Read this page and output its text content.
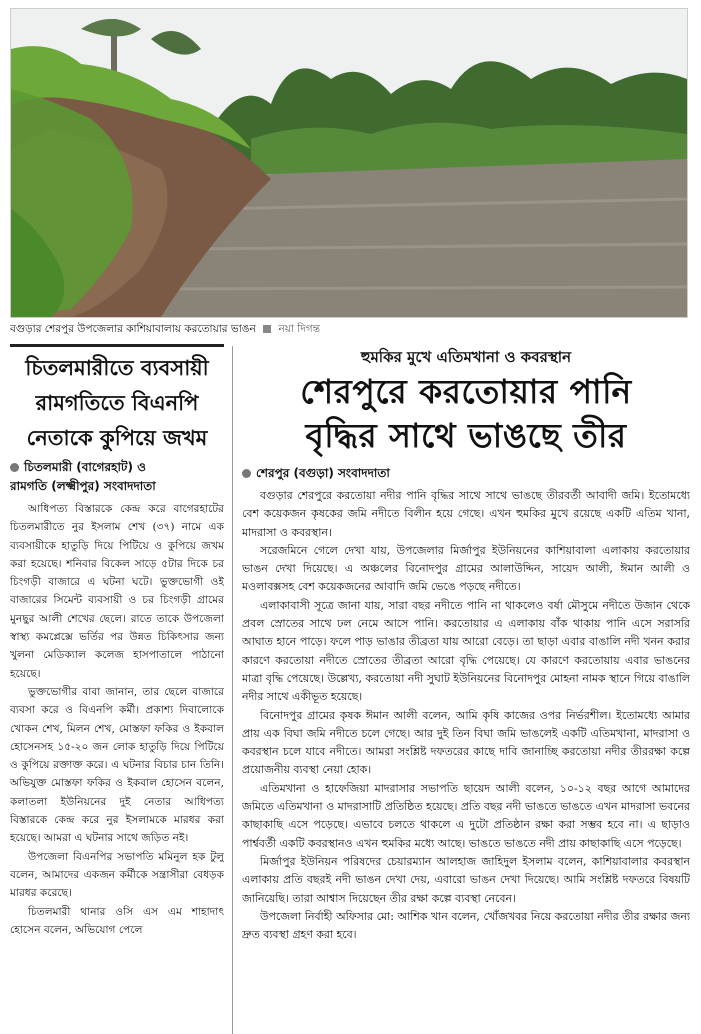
বগুড়ার শেরপুর উপজেলার কাশিয়াবালায় করতোয়ার ভাঙন নয়া দিগন্ত
চিতলমারীতে ব্যবসায়ী
রামগতিতে বিএনপি
নেতাকে কুপিয়ে জখম
চিতলমারী (বাগেরহাট) ও
রামগতি (লক্ষ্মীপুর) সংবাদদাতা

আধিপত্য বিস্তারকে কেন্দ্র করে বাগেরহাটের চিতলমারীতে নুর ইসলাম শেখ (৩৭) নামে এক ব্যবসায়ীকে হাতুড়ি দিয়ে পিটিয়ে ও কুপিয়ে জখম করা হয়েছে। শনিবার বিকেল সাড়ে ৫টার দিকে চর চিংগড়ী বাজারে এ ঘটনা ঘটে। ভুক্তভোগী ওই বাজারের সিমেন্ট ব্যবসায়ী ও চর চিংগড়ী গ্রামের মুনছুর আলী শেখের ছেলে। রাতে তাকে উপজেলা স্বাস্থ্য কমপ্লেক্সে ভর্তির পর উন্নত চিকিৎসার জন্য খুলনা মেডিক্যাল কলেজ হাসপাতালে পাঠানো হয়েছে।

ভুক্তভোগীর বাবা জানান, তার ছেলে বাজারে ব্যবসা করে ও বিএনপি কর্মী। প্রকাশ্য দিবালোকে খোকন শেখ, মিলন শেখ, মোস্তফা ফকির ও ইকবাল হোসেনসহ ১৫-২০ জন লোক হাতুড়ি দিয়ে পিটিয়ে ও কুপিয়ে রক্তাক্ত করে। এ ঘটনার বিচার চান তিনি। অভিযুক্ত মোস্তফা ফকির ও ইকবাল হোসেন বলেন, কলাতলা ইউনিয়নের দুই নেতার আধিপত্য বিস্তারকে কেন্দ্র করে নুর ইসলামকে মারধর করা হয়েছে। আমরা এ ঘটনার সাথে জড়িত নই।

উপজেলা বিএনপির সভাপতি মমিনুল হক টুলু বলেন, আমাদের একজন কর্মীকে সন্ত্রাসীরা বেধড়ক মারধর করেছে।

চিতলমারী থানার ওসি এস এম শাহাদাৎ হোসেন বলেন, অভিযোগ পেলে

হুমকির মুখে এতিমখানা ও কবরস্থান
শেরপুরে করতোয়ার পানি
বৃদ্ধির সাথে ভাঙছে তীর
শেরপুর (বগুড়া) সংবাদদাতা

বগুড়ার শেরপুরে করতোয়া নদীর পানি বৃদ্ধির সাথে সাথে ভাঙছে তীরবর্তী আবাদী জমি। ইতোমধ্যে বেশ কয়েকজন কৃষকের জমি নদীতে বিলীন হয়ে গেছে। এখন হুমকির মুখে রয়েছে একটি এতিম খানা, মাদরাসা ও কবরস্থান।

সরেজমিনে গেলে দেখা যায়, উপজেলার মির্জাপুর ইউনিয়নের কাশিয়াবালা এলাকায় করতোয়ার ভাঙন দেখা দিয়েছে। এ অঞ্চলের বিনোদপুর গ্রামের আলাউদ্দিন, সায়েদ আলী, ঈমান আলী ও মওলাবক্সসহ বেশ কয়েকজনের আবাদি জমি ভেঙে পড়ছে নদীতে।

এলাকাবাসী সূত্রে জানা যায়, সারা বছর নদীতে পানি না থাকলেও বর্ষা মৌসুমে নদীতে উজান থেকে প্রবল স্রোতের সাথে ঢল নেমে আসে পানি। করতোয়ার এ এলাকায় বাঁক থাকায় পানি এসে সরাসরি আঘাত হানে পাড়ে। ফলে পাড় ভাঙার তীব্রতা যায় আরো বেড়ে। তা ছাড়া এবার বাঙালি নদী খনন করার কারণে করতোয়া নদীতে স্রোতের তীব্রতা আরো বৃদ্ধি পেয়েছে। যে কারণে করতোয়ায় এবার ভাঙনের মাত্রা বৃদ্ধি পেয়েছে। উল্লেখ্য, করতোয়া নদী সুঘাট ইউনিয়নের বিনোদপুর মোহনা নামক স্থানে গিয়ে বাঙালি নদীর সাথে একীভূত হয়েছে।

বিনোদপুর গ্রামের কৃষক ঈমান আলী বলেন, আমি কৃষি কাজের ওপর নির্ভরশীল। ইতোমধ্যে আমার প্রায় এক বিঘা জমি নদীতে চলে গেছে। আর দুই তিন বিঘা জমি ভাঙলেই একটি এতিমখানা, মাদরাসা ও কবরস্থান চলে যাবে নদীতে। আমরা সংশ্লিষ্ট দফতরের কাছে দাবি জানাচ্ছি করতোয়া নদীর তীররক্ষা কল্পে প্রয়োজনীয় ব্যবস্থা নেয়া হোক।

এতিমখানা ও হাফেজিয়া মাদরাসার সভাপতি ছায়েদ আলী বলেন, ১০-১২ বছর আগে আমাদের জমিতে এতিমখানা ও মাদরাসাটি প্রতিষ্ঠিত হয়েছে। প্রতি বছর নদী ভাঙতে ভাঙতে এখন মাদরাসা ভবনের কাছাকাছি এসে পড়েছে। এভাবে চলতে থাকলে এ দুটো প্রতিষ্ঠান রক্ষা করা সম্ভব হবে না। এ ছাড়াও পার্শ্ববর্তী একটি কবরস্থানও এখন হুমকির মধ্যে আছে। ভাঙতে ভাঙতে নদী প্রায় কাছাকাছি এসে পড়েছে।

মির্জাপুর ইউনিয়ন পরিষদের চেয়ারম্যান আলহাজ জাহিদুল ইসলাম বলেন, কাশিয়াবালার কবরস্থান এলাকায় প্রতি বছরই নদী ভাঙন দেখা দেয়, এবারো ভাঙন দেখা দিয়েছে। আমি সংশ্লিষ্ট দফতরে বিষয়টি জানিয়েছি। তারা আশ্বাস দিয়েছেন তীর রক্ষা কল্পে ব্যবস্থা নেবেন।

উপজেলা নির্বাহী অফিসার মো: আশিক খান বলেন, খোঁজখবর নিয়ে করতোয়া নদীর তীর রক্ষার জন্য দ্রুত ব্যবস্থা গ্রহণ করা হবে।
